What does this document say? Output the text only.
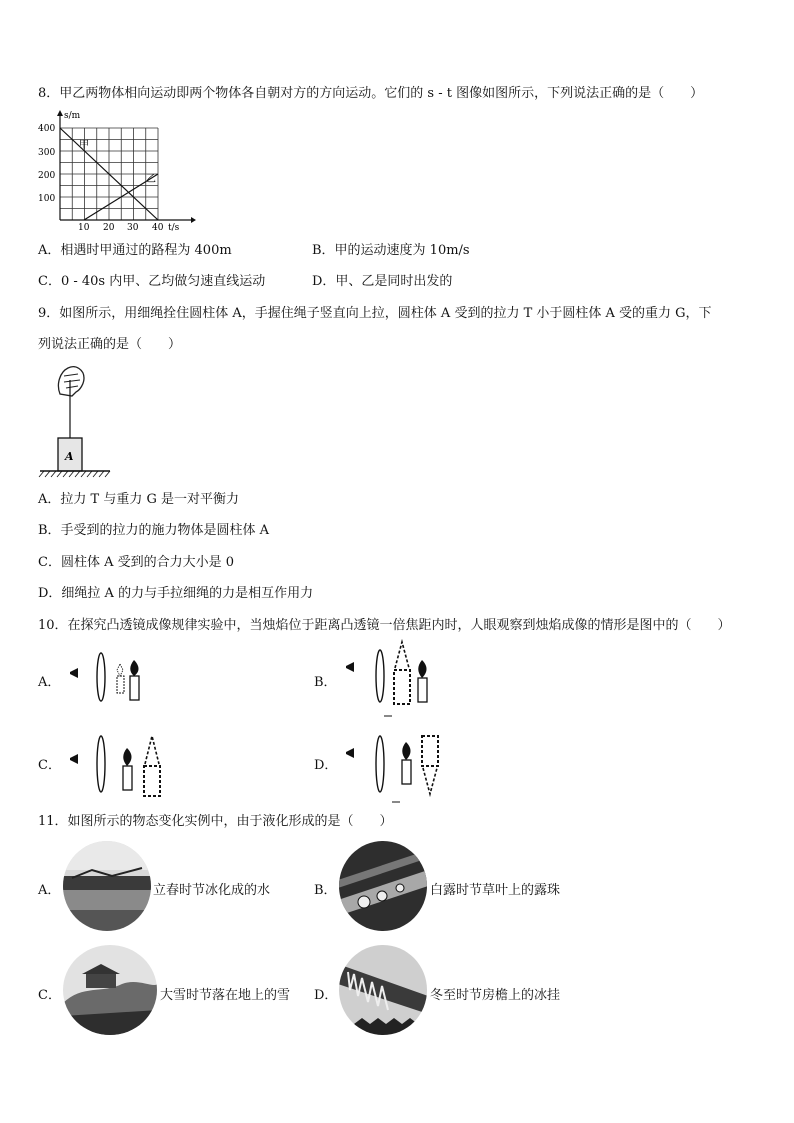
8．甲乙两物体相向运动即两个物体各自朝对方的方向运动。它们的 s - t 图像如图所示，下列说法正确的是（　　）
s/m
t/s
100
200
300
400
10 20 30 40
甲
乙
A．相遇时甲通过的路程为 400m	B．甲的运动速度为 10m/s
C．0 - 40s 内甲、乙均做匀速直线运动	D．甲、乙是同时出发的
9．如图所示，用细绳拴住圆柱体 A，手握住绳子竖直向上拉，圆柱体 A 受到的拉力 T 小于圆柱体 A 受的重力 G，下
列说法正确的是（　　）
A
A．拉力 T 与重力 G 是一对平衡力
B．手受到的拉力的施力物体是圆柱体 A
C．圆柱体 A 受到的合力大小是 0
D．细绳拉 A 的力与手拉细绳的力是相互作用力
10．在探究凸透镜成像规律实验中，当烛焰位于距离凸透镜一倍焦距内时，人眼观察到烛焰成像的情形是图中的（　　）
A．	B．
C．	D．
11．如图所示的物态变化实例中，由于液化形成的是（　　）
A．	立春时节冰化成的水	B．	白露时节草叶上的露珠
C．	大雪时节落在地上的雪 D．	冬至时节房檐上的冰挂
